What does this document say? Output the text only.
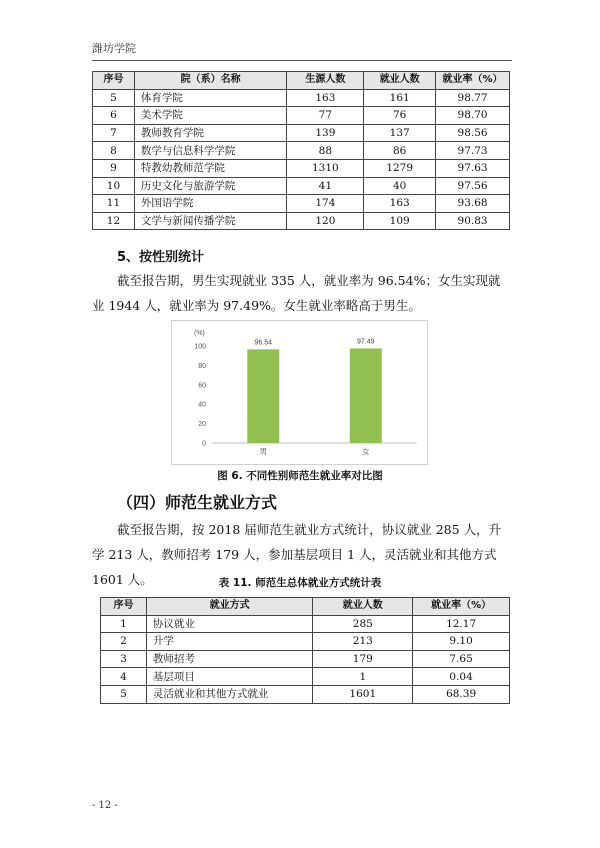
潍坊学院
序号	院（系）名称	生源人数	就业人数	就业率（%）
5	体育学院	163	161	98.77
6	美术学院	77	76	98.70
7	教师教育学院	139	137	98.56
8	数学与信息科学学院	88	86	97.73
9	特教幼教师范学院	1310	1279	97.63
10	历史文化与旅游学院	41	40	97.56
11	外国语学院	174	163	93.68
12	文学与新闻传播学院	120	109	90.83
5、按性别统计
截至报告期，男生实现就业 335 人，就业率为 96.54%；女生实现就业 1944 人，就业率为 97.49%。女生就业率略高于男生。
(%)
0
20
40
60
80
100
96.54	97.49
男	女
图 6. 不同性别师范生就业率对比图
（四）师范生就业方式
截至报告期，按 2018 届师范生就业方式统计，协议就业 285 人，升学 213 人，教师招考 179 人，参加基层项目 1 人，灵活就业和其他方式 1601 人。	表 11. 师范生总体就业方式统计表
序号	就业方式	就业人数	就业率（%）
1	协议就业	285	12.17
2	升学	213	9.10
3	教师招考	179	7.65
4	基层项目	1	0.04
5	灵活就业和其他方式就业	1601	68.39
- 12 -
